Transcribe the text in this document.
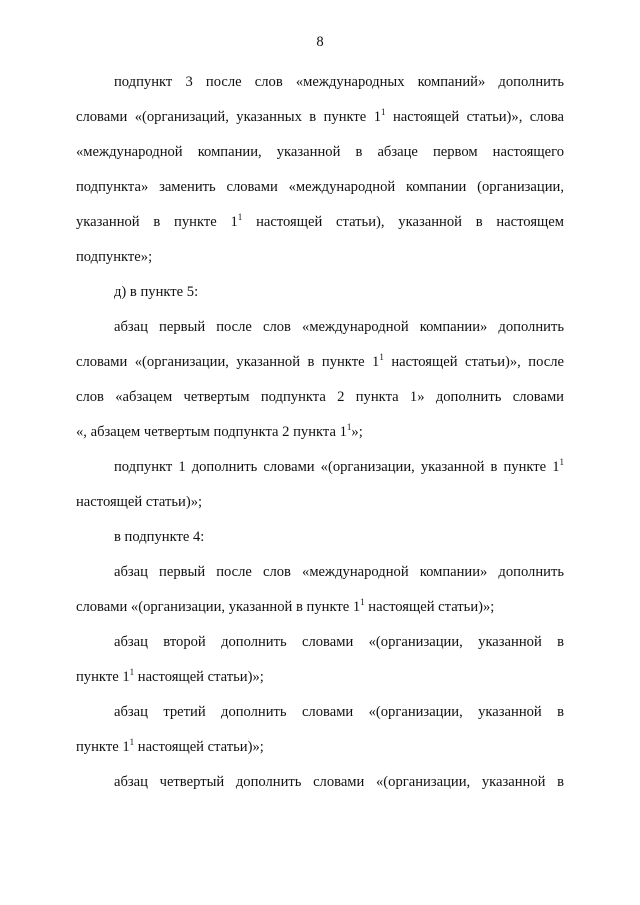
8
подпункт 3 после слов «международных компаний» дополнить
словами «(организаций, указанных в пункте $1^1$ настоящей статьи)», слова
«международной компании, указанной в абзаце первом настоящего
подпункта» заменить словами «международной компании (организации,
указанной в пункте $1^1$ настоящей статьи), указанной в настоящем
подпункте»;
д) в пункте 5:
абзац первый после слов «международной компании» дополнить
словами «(организации, указанной в пункте $1^1$ настоящей статьи)», после
слов «абзацем четвертым подпункта 2 пункта 1» дополнить словами
«, абзацем четвертым подпункта 2 пункта $1^1$»;
подпункт 1 дополнить словами «(организации, указанной в пункте $1^1$
настоящей статьи)»;
в подпункте 4:
абзац первый после слов «международной компании» дополнить
словами «(организации, указанной в пункте $1^1$ настоящей статьи)»;
абзац второй дополнить словами «(организации, указанной в
пункте $1^1$ настоящей статьи)»;
абзац третий дополнить словами «(организации, указанной в
пункте $1^1$ настоящей статьи)»;
абзац четвертый дополнить словами «(организации, указанной в
